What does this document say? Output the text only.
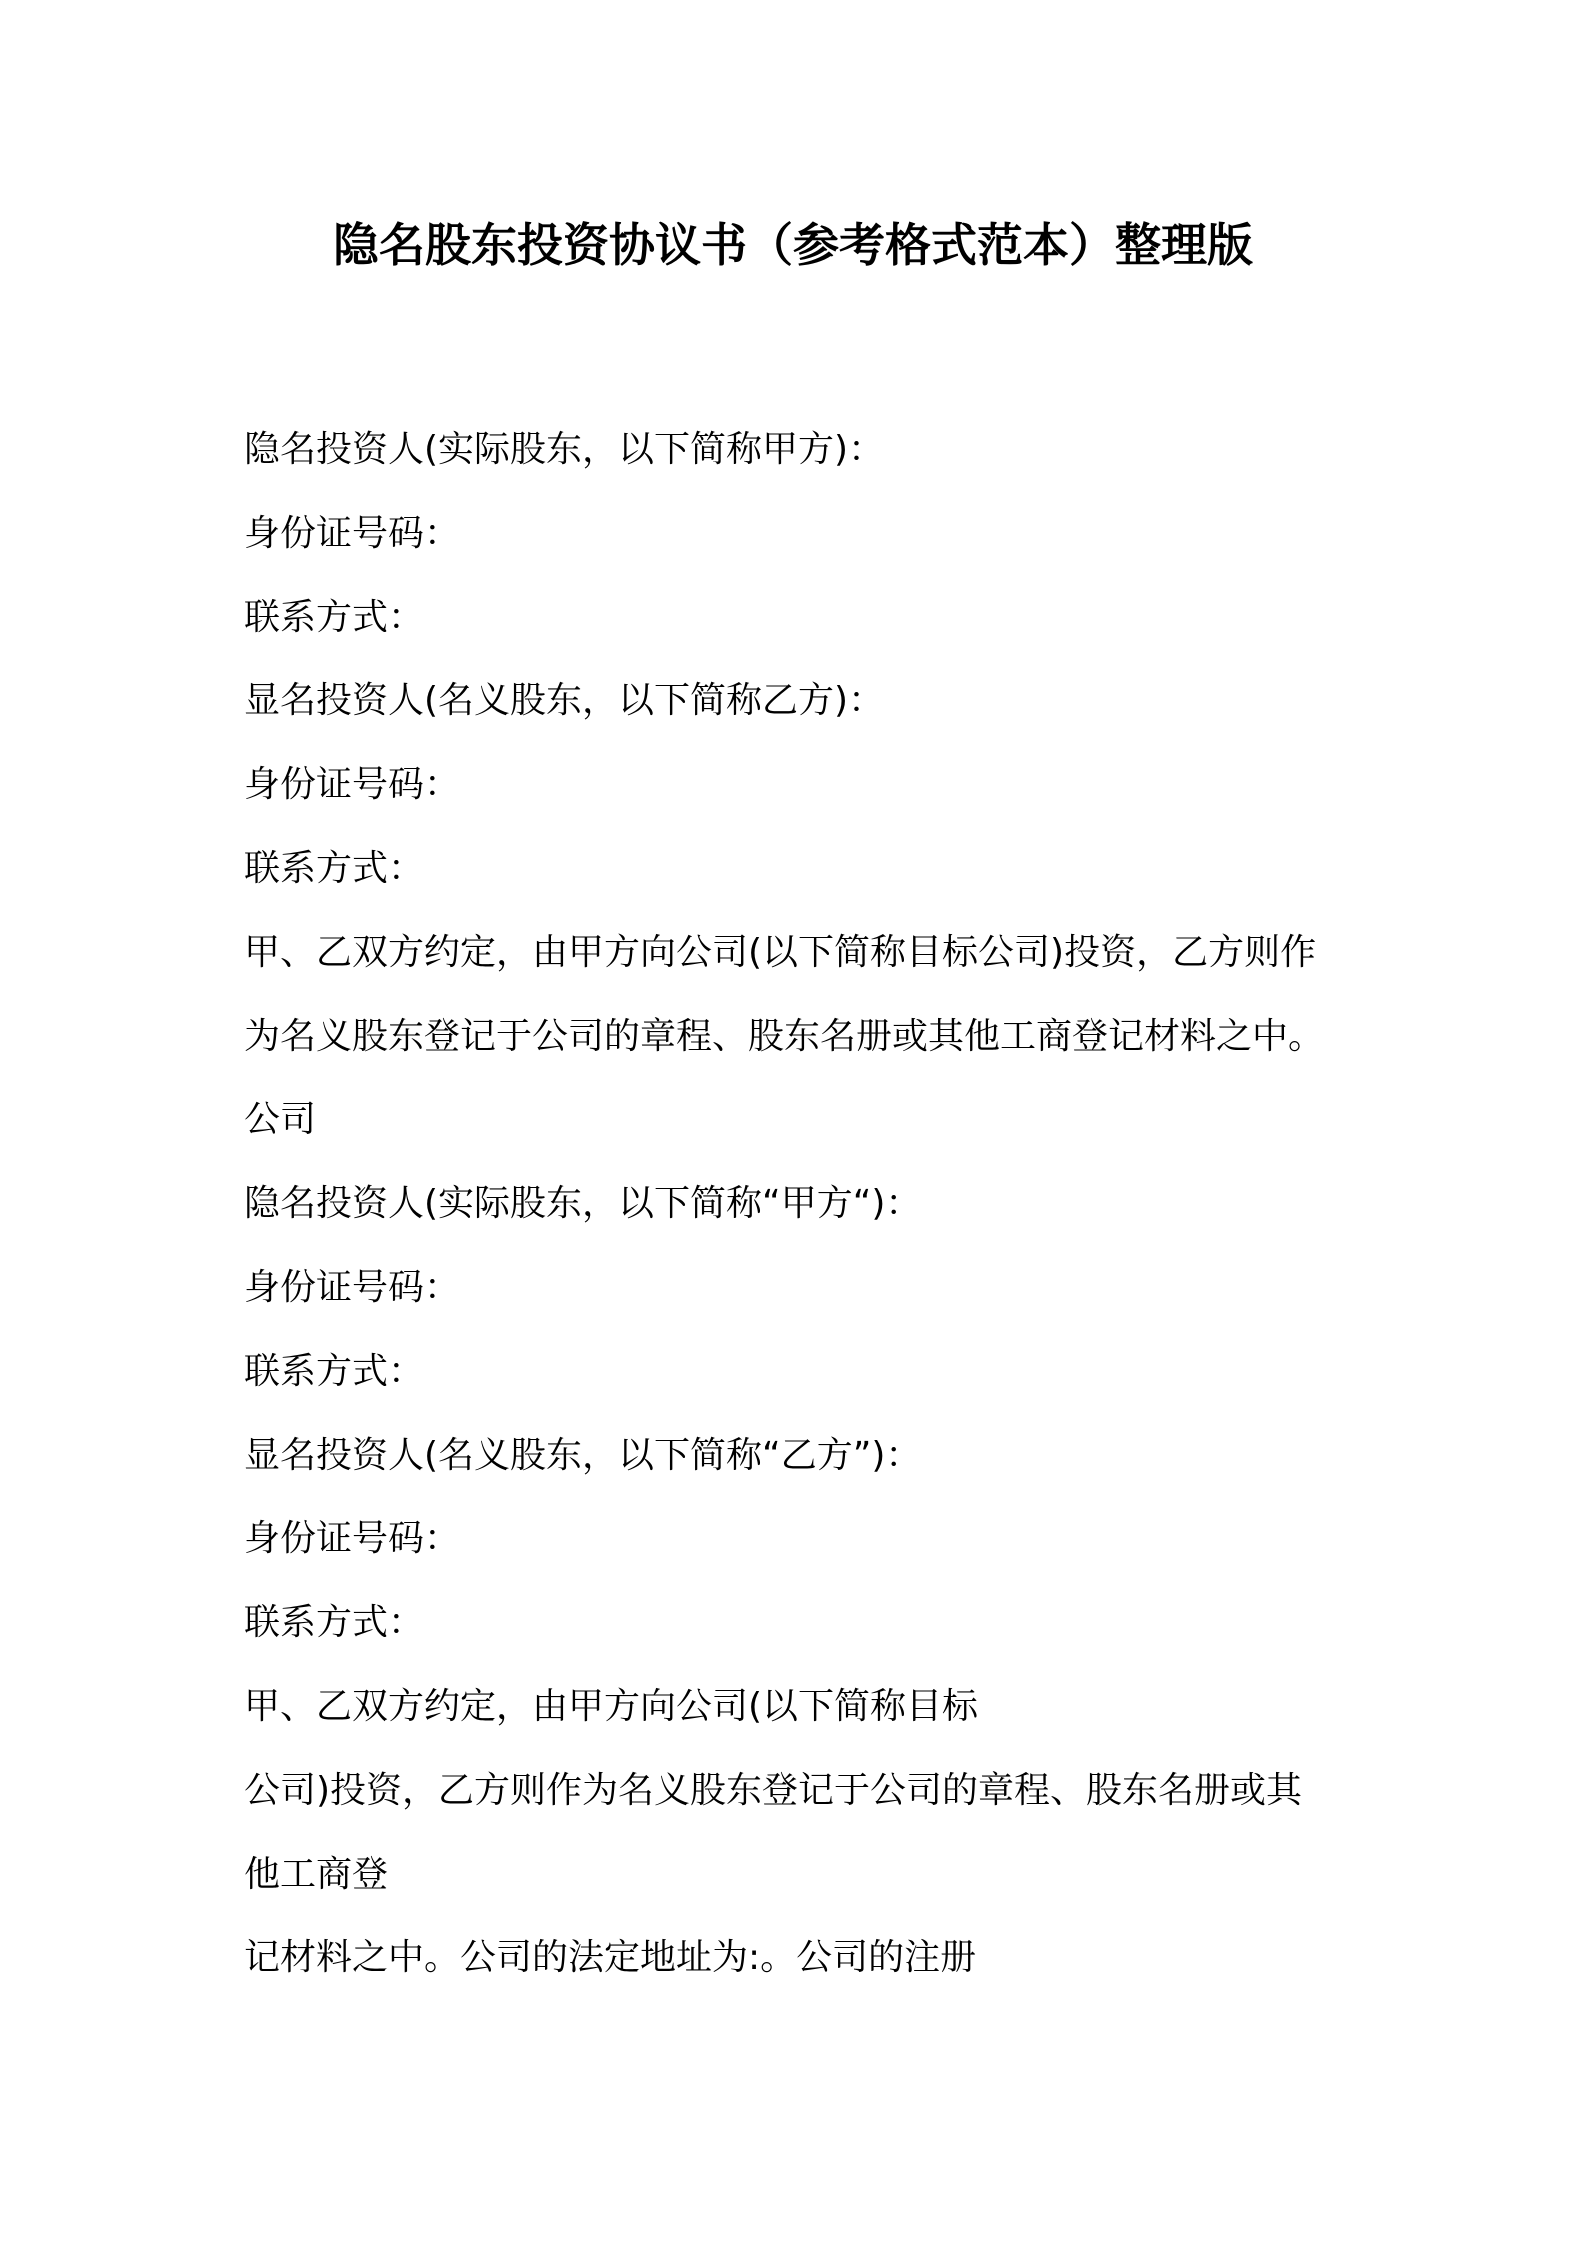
隐名股东投资协议书（参考格式范本）整理版
隐名投资人(实际股东，以下简称甲方)：
身份证号码：
联系方式：
显名投资人(名义股东，以下简称乙方)：
身份证号码：
联系方式：
甲、乙双方约定，由甲方向公司(以下简称目标公司)投资，乙方则作
为名义股东登记于公司的章程、股东名册或其他工商登记材料之中。
公司
隐名投资人(实际股东，以下简称“甲方“)：
身份证号码：
联系方式：
显名投资人(名义股东，以下简称“乙方”)：
身份证号码：
联系方式：
甲、乙双方约定，由甲方向公司(以下简称目标
公司)投资，乙方则作为名义股东登记于公司的章程、股东名册或其
他工商登
记材料之中。公司的法定地址为:。公司的注册
